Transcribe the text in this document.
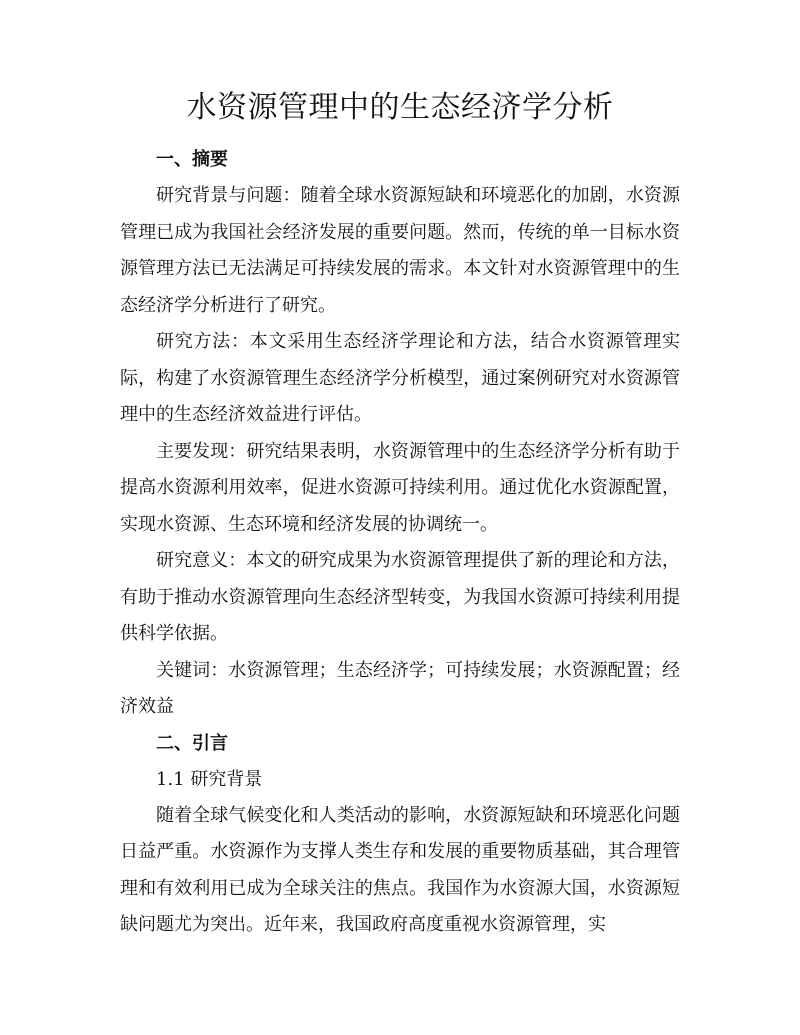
水资源管理中的生态经济学分析

一、摘要

研究背景与问题：随着全球水资源短缺和环境恶化的加剧，水资源管理已成为我国社会经济发展的重要问题。然而，传统的单一目标水资源管理方法已无法满足可持续发展的需求。本文针对水资源管理中的生态经济学分析进行了研究。

研究方法：本文采用生态经济学理论和方法，结合水资源管理实际，构建了水资源管理生态经济学分析模型，通过案例研究对水资源管理中的生态经济效益进行评估。

主要发现：研究结果表明，水资源管理中的生态经济学分析有助于提高水资源利用效率，促进水资源可持续利用。通过优化水资源配置，实现水资源、生态环境和经济发展的协调统一。

研究意义：本文的研究成果为水资源管理提供了新的理论和方法，有助于推动水资源管理向生态经济型转变，为我国水资源可持续利用提供科学依据。

关键词：水资源管理；生态经济学；可持续发展；水资源配置；经济效益

二、引言

1.1 研究背景

随着全球气候变化和人类活动的影响，水资源短缺和环境恶化问题日益严重。水资源作为支撑人类生存和发展的重要物质基础，其合理管理和有效利用已成为全球关注的焦点。我国作为水资源大国，水资源短缺问题尤为突出。近年来，我国政府高度重视水资源管理，实
